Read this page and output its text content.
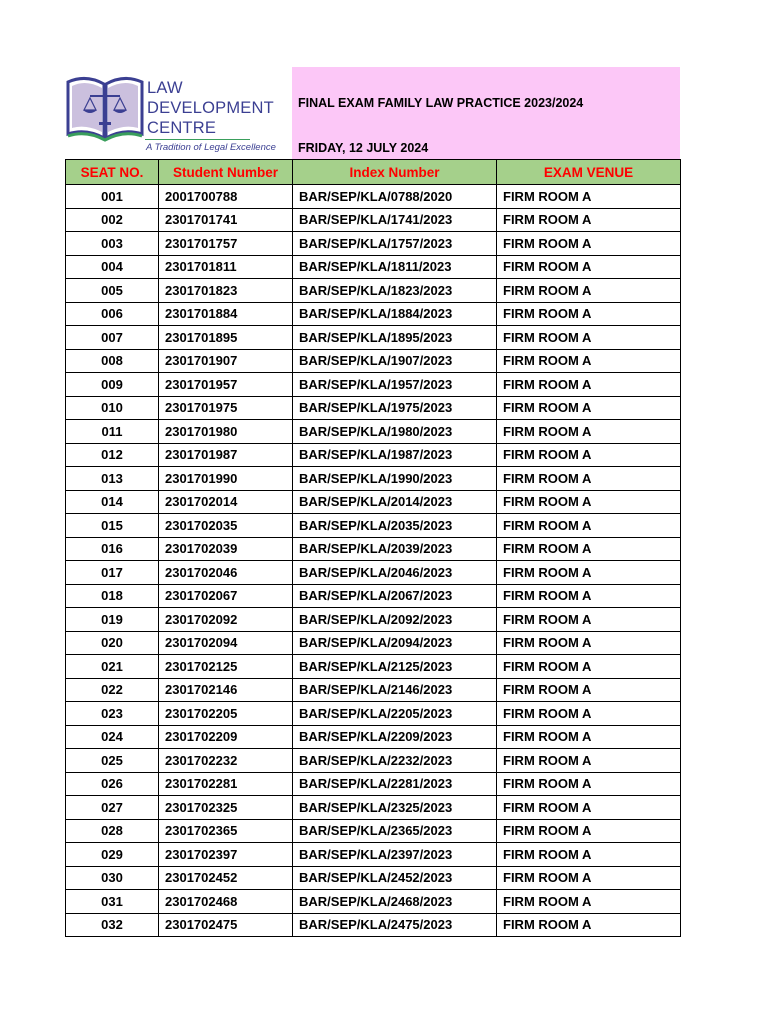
LAW
DEVELOPMENT
CENTRE
A Tradition of Legal Excellence
FINAL EXAM FAMILY LAW PRACTICE 2023/2024
FRIDAY, 12 JULY 2024
SEAT NO.	Student Number	Index Number	EXAM VENUE
001	2001700788	BAR/SEP/KLA/0788/2020	FIRM ROOM A
002	2301701741	BAR/SEP/KLA/1741/2023	FIRM ROOM A
003	2301701757	BAR/SEP/KLA/1757/2023	FIRM ROOM A
004	2301701811	BAR/SEP/KLA/1811/2023	FIRM ROOM A
005	2301701823	BAR/SEP/KLA/1823/2023	FIRM ROOM A
006	2301701884	BAR/SEP/KLA/1884/2023	FIRM ROOM A
007	2301701895	BAR/SEP/KLA/1895/2023	FIRM ROOM A
008	2301701907	BAR/SEP/KLA/1907/2023	FIRM ROOM A
009	2301701957	BAR/SEP/KLA/1957/2023	FIRM ROOM A
010	2301701975	BAR/SEP/KLA/1975/2023	FIRM ROOM A
011	2301701980	BAR/SEP/KLA/1980/2023	FIRM ROOM A
012	2301701987	BAR/SEP/KLA/1987/2023	FIRM ROOM A
013	2301701990	BAR/SEP/KLA/1990/2023	FIRM ROOM A
014	2301702014	BAR/SEP/KLA/2014/2023	FIRM ROOM A
015	2301702035	BAR/SEP/KLA/2035/2023	FIRM ROOM A
016	2301702039	BAR/SEP/KLA/2039/2023	FIRM ROOM A
017	2301702046	BAR/SEP/KLA/2046/2023	FIRM ROOM A
018	2301702067	BAR/SEP/KLA/2067/2023	FIRM ROOM A
019	2301702092	BAR/SEP/KLA/2092/2023	FIRM ROOM A
020	2301702094	BAR/SEP/KLA/2094/2023	FIRM ROOM A
021	2301702125	BAR/SEP/KLA/2125/2023	FIRM ROOM A
022	2301702146	BAR/SEP/KLA/2146/2023	FIRM ROOM A
023	2301702205	BAR/SEP/KLA/2205/2023	FIRM ROOM A
024	2301702209	BAR/SEP/KLA/2209/2023	FIRM ROOM A
025	2301702232	BAR/SEP/KLA/2232/2023	FIRM ROOM A
026	2301702281	BAR/SEP/KLA/2281/2023	FIRM ROOM A
027	2301702325	BAR/SEP/KLA/2325/2023	FIRM ROOM A
028	2301702365	BAR/SEP/KLA/2365/2023	FIRM ROOM A
029	2301702397	BAR/SEP/KLA/2397/2023	FIRM ROOM A
030	2301702452	BAR/SEP/KLA/2452/2023	FIRM ROOM A
031	2301702468	BAR/SEP/KLA/2468/2023	FIRM ROOM A
032	2301702475	BAR/SEP/KLA/2475/2023	FIRM ROOM A
